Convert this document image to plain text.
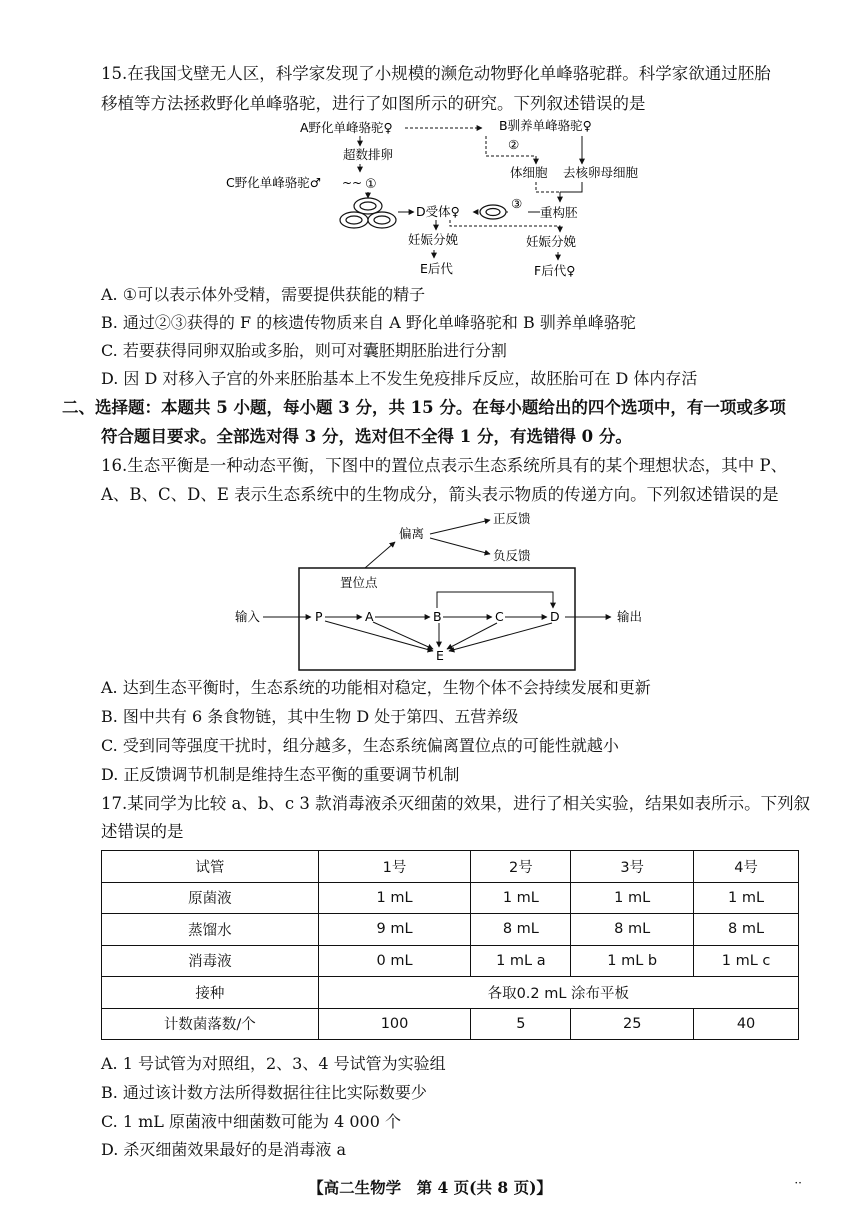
15.在我国戈壁无人区，科学家发现了小规模的濒危动物野化单峰骆驼群。科学家欲通过胚胎
移植等方法拯救野化单峰骆驼，进行了如图所示的研究。下列叙述错误的是
A野化单峰骆驼♀	B驯养单峰骆驼♀
②
超数排卵
C野化单峰骆驼♂ ~~ ①
体细胞 去核卵母细胞
D受体♀
③
重构胚
妊娠分娩	妊娠分娩
E后代	F后代♀
A. ①可以表示体外受精，需要提供获能的精子
B. 通过②③获得的 F 的核遗传物质来自 A 野化单峰骆驼和 B 驯养单峰骆驼
C. 若要获得同卵双胎或多胎，则可对囊胚期胚胎进行分割
D. 因 D 对移入子宫的外来胚胎基本上不发生免疫排斥反应，故胚胎可在 D 体内存活
二、选择题：本题共 5 小题，每小题 3 分，共 15 分。在每小题给出的四个选项中，有一项或多项
符合题目要求。全部选对得 3 分，选对但不全得 1 分，有选错得 0 分。
16.生态平衡是一种动态平衡，下图中的置位点表示生态系统所具有的某个理想状态，其中 P、
A、B、C、D、E 表示生态系统中的生物成分，箭头表示物质的传递方向。下列叙述错误的是
偏离
正反馈
负反馈
置位点
输入	P	A	B	C	D
E
输出
A. 达到生态平衡时，生态系统的功能相对稳定，生物个体不会持续发展和更新
B. 图中共有 6 条食物链，其中生物 D 处于第四、五营养级
C. 受到同等强度干扰时，组分越多，生态系统偏离置位点的可能性就越小
D. 正反馈调节机制是维持生态平衡的重要调节机制
17.某同学为比较 a、b、c 3 款消毒液杀灭细菌的效果，进行了相关实验，结果如表所示。下列叙
述错误的是
试管	1号	2号	3号	4号
原菌液	1 mL	1 mL	1 mL	1 mL
蒸馏水	9 mL	8 mL	8 mL	8 mL
消毒液	0 mL	1 mL a	1 mL b	1 mL c
接种	各取0.2 mL 涂布平板			
计数菌落数/个	100	5	25	40
A. 1 号试管为对照组，2、3、4 号试管为实验组
B. 通过该计数方法所得数据往往比实际数要少
C. 1 mL 原菌液中细菌数可能为 4 000 个
D. 杀灭细菌效果最好的是消毒液 a
【高二生物学　第 4 页(共 8 页)】	··
